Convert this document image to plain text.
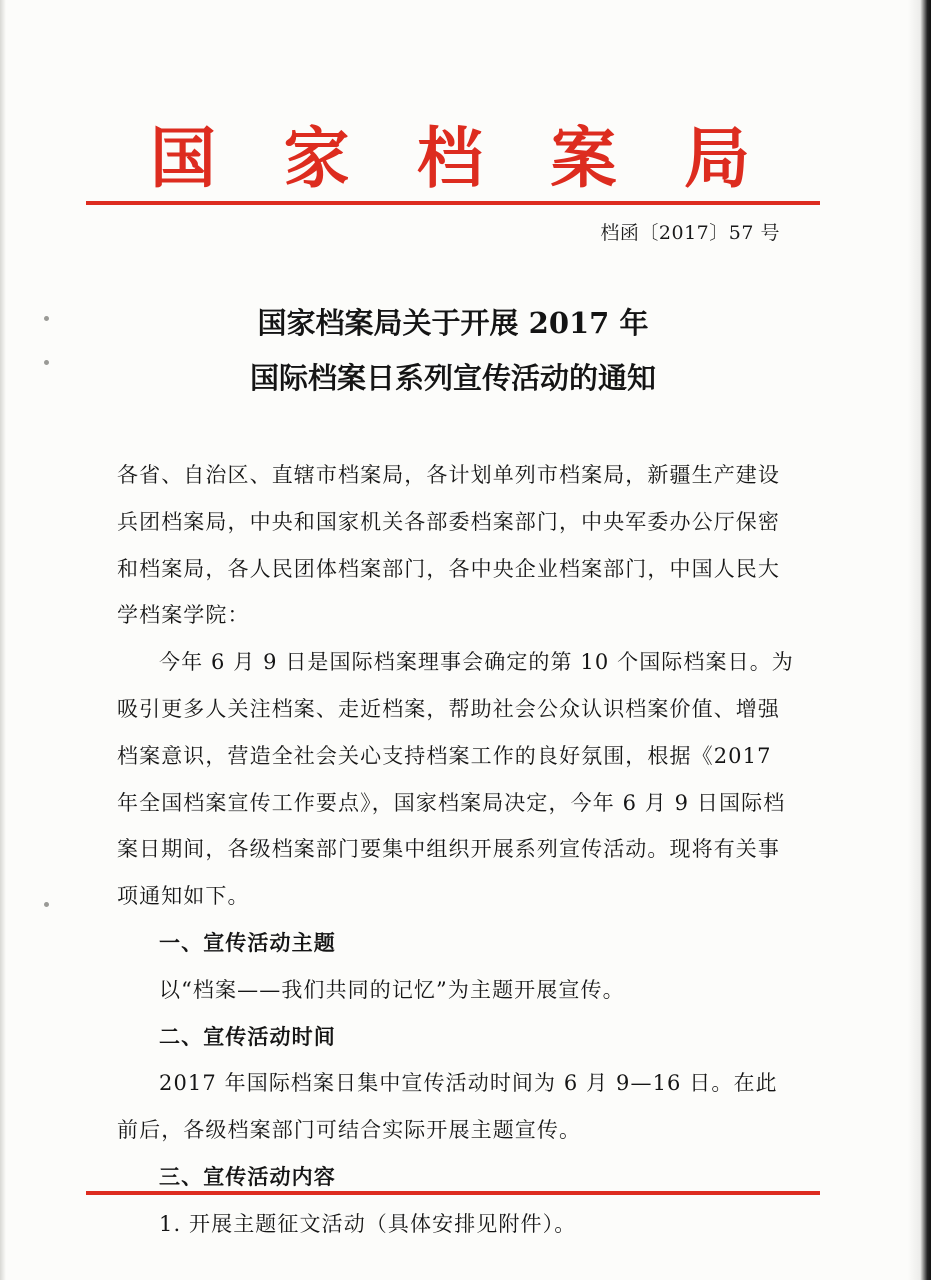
国 家 档 案 局
档函〔2017〕57 号
国家档案局关于开展 2017 年
国际档案日系列宣传活动的通知

各省、自治区、直辖市档案局，各计划单列市档案局，新疆生产建设兵团档案局，中央和国家机关各部委档案部门，中央军委办公厅保密和档案局，各人民团体档案部门，各中央企业档案部门，中国人民大学档案学院：

今年 6 月 9 日是国际档案理事会确定的第 10 个国际档案日。为吸引更多人关注档案、走近档案，帮助社会公众认识档案价值、增强档案意识，营造全社会关心支持档案工作的良好氛围，根据《2017 年全国档案宣传工作要点》，国家档案局决定，今年 6 月 9 日国际档案日期间，各级档案部门要集中组织开展系列宣传活动。现将有关事项通知如下。

一、宣传活动主题

以“档案——我们共同的记忆”为主题开展宣传。

二、宣传活动时间

2017 年国际档案日集中宣传活动时间为 6 月 9—16 日。在此前后，各级档案部门可结合实际开展主题宣传。

三、宣传活动内容

1. 开展主题征文活动（具体安排见附件）。
